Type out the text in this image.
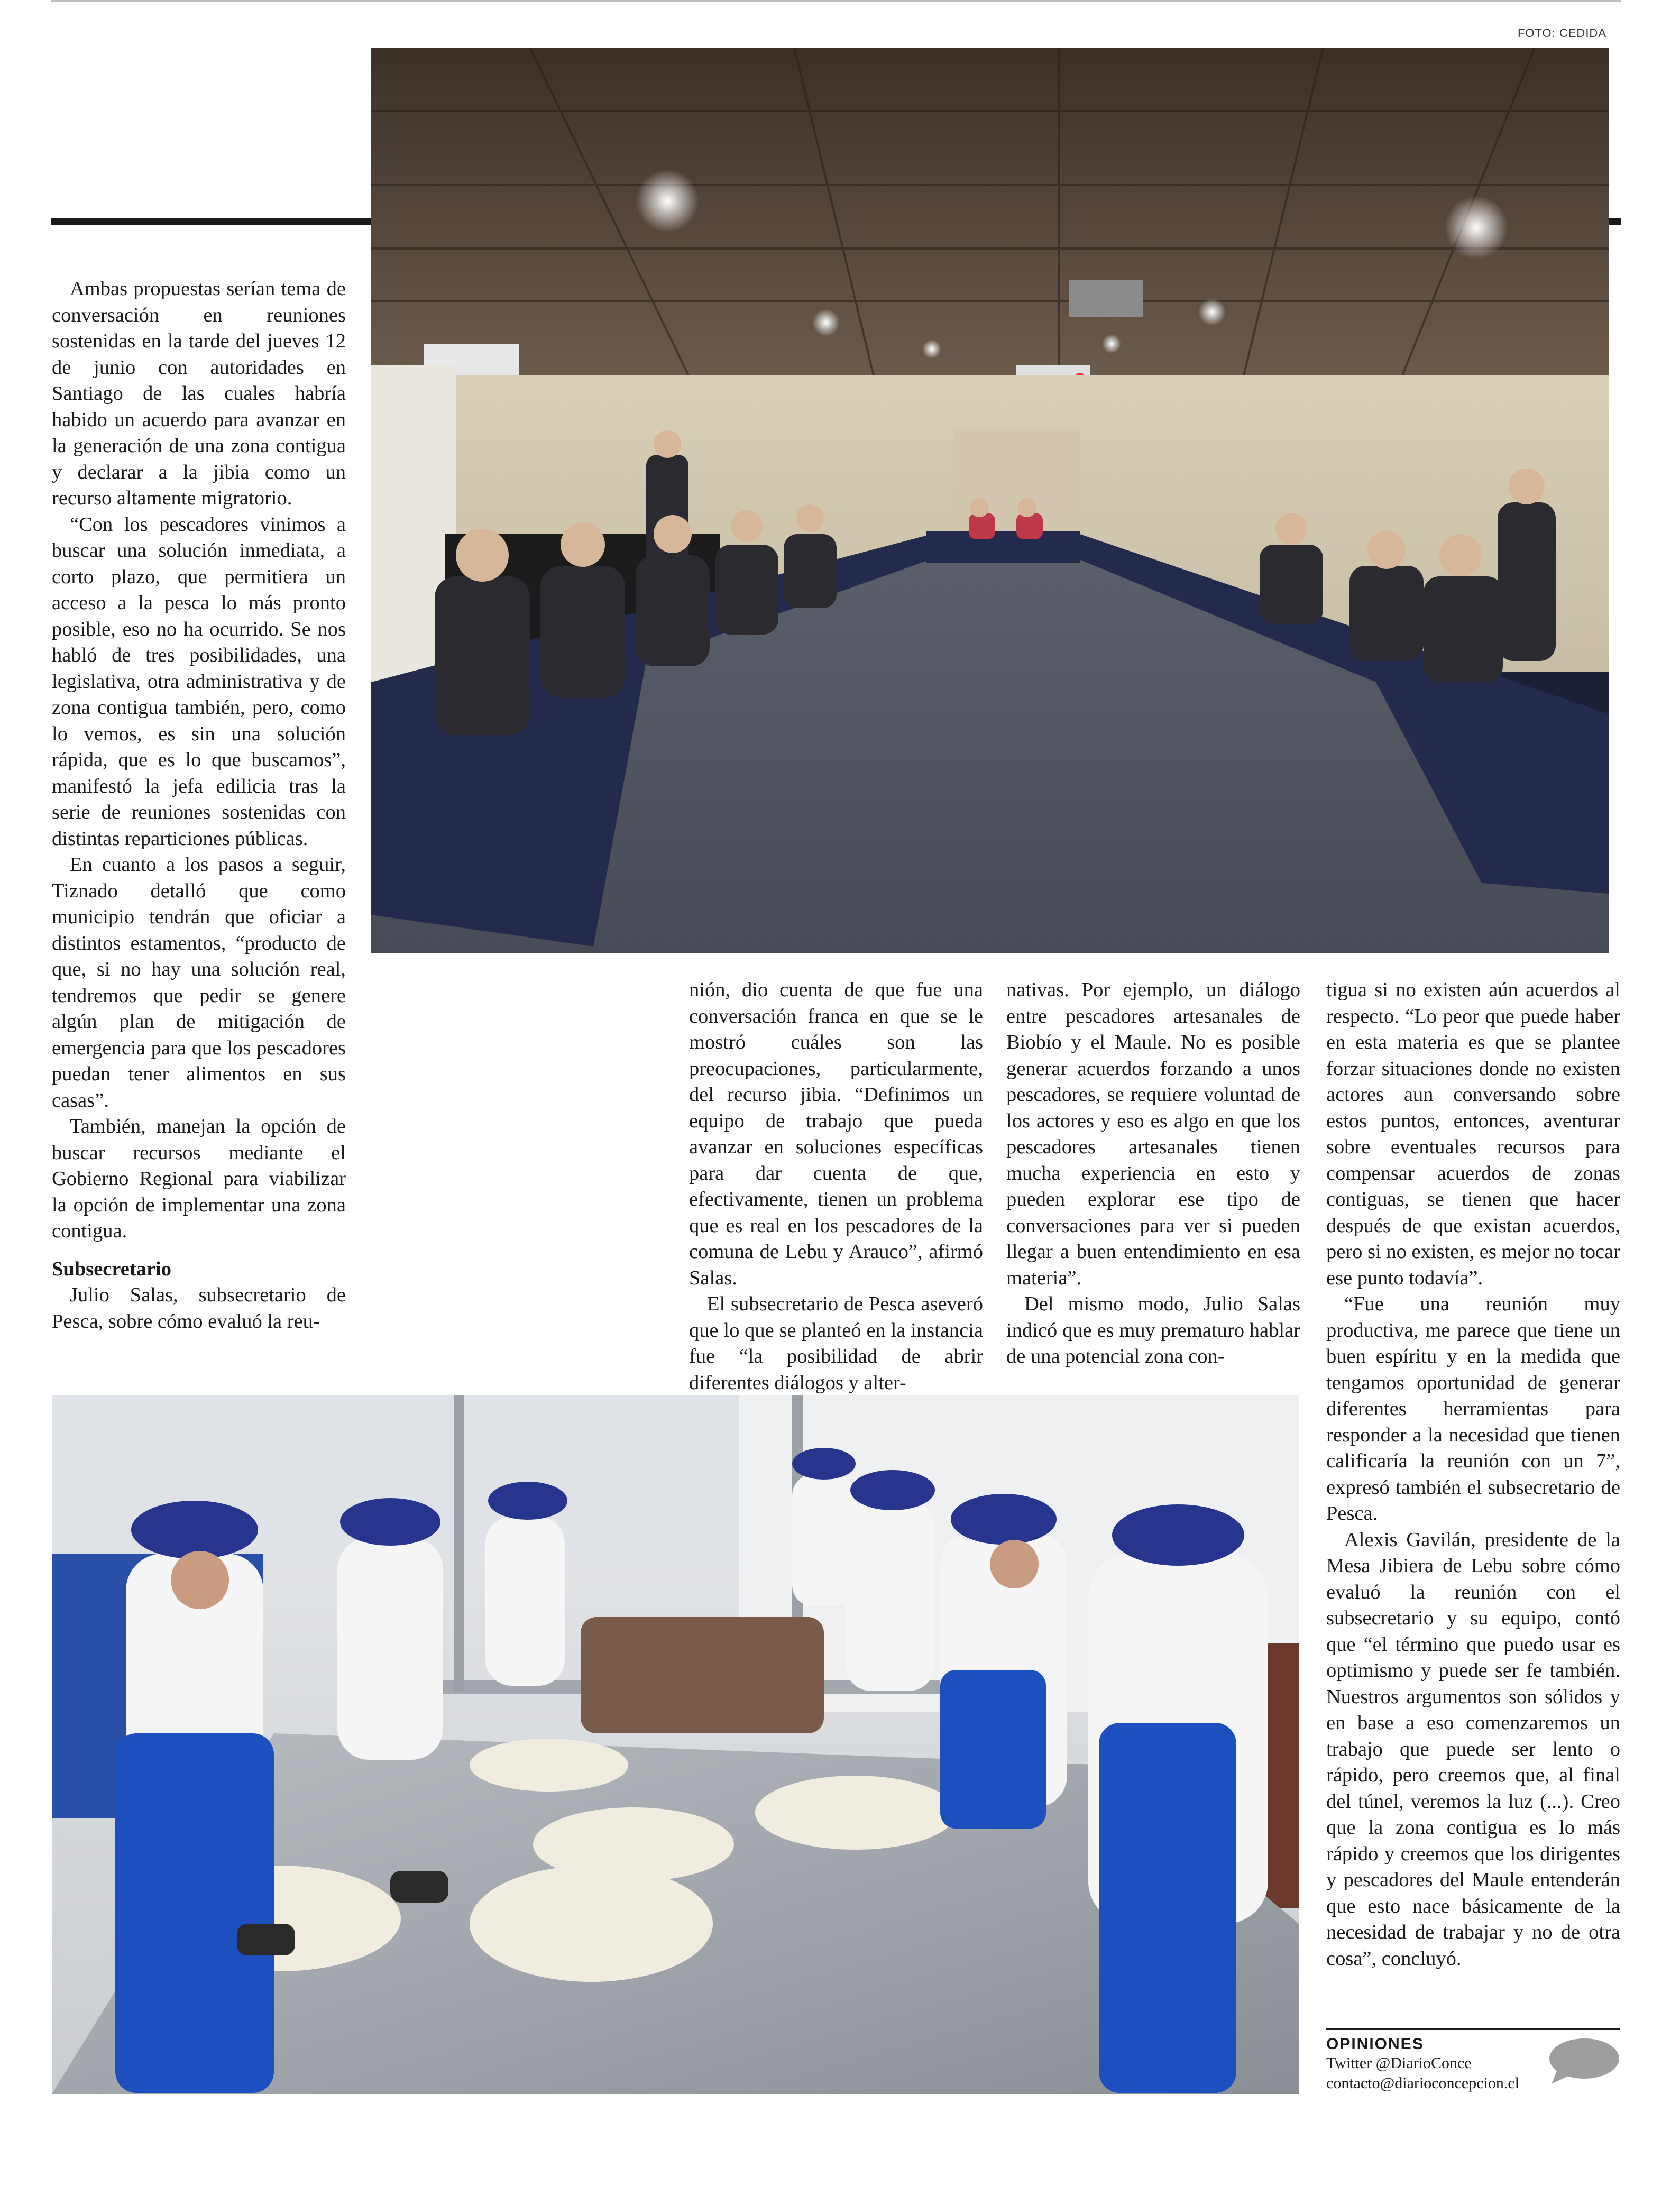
FOTO: CEDIDA

Ambas propuestas serían tema de conversación en reuniones sostenidas en la tarde del jueves 12 de junio con autoridades en Santiago de las cuales habría habido un acuerdo para avanzar en la generación de una zona contigua y declarar a la jibia como un recurso altamente migratorio.

“Con los pescadores vinimos a buscar una solución inmediata, a corto plazo, que permitiera un acceso a la pesca lo más pronto posible, eso no ha ocurrido. Se nos habló de tres posibilidades, una legislativa, otra administrativa y de zona contigua también, pero, como lo vemos, es sin una solución rápida, que es lo que buscamos”, manifestó la jefa edilicia tras la serie de reuniones sostenidas con distintas reparticiones públicas.

En cuanto a los pasos a seguir, Tiznado detalló que como municipio tendrán que oficiar a distintos estamentos, “producto de que, si no hay una solución real, tendremos que pedir se genere algún plan de mitigación de emergencia para que los pescadores puedan tener alimentos en sus casas”.

También, manejan la opción de buscar recursos mediante el Gobierno Regional para viabilizar la opción de implementar una zona contigua.

Subsecretario

Julio Salas, subsecretario de Pesca, sobre cómo evaluó la reu-

nión, dio cuenta de que fue una conversación franca en que se le mostró cuáles son las preocupaciones, particularmente, del recurso jibia. “Definimos un equipo de trabajo que pueda avanzar en soluciones específicas para dar cuenta de que, efectivamente, tienen un problema que es real en los pescadores de la comuna de Lebu y Arauco”, afirmó Salas.

El subsecretario de Pesca aseveró que lo que se planteó en la instancia fue “la posibilidad de abrir diferentes diálogos y alter-

nativas. Por ejemplo, un diálogo entre pescadores artesanales de Biobío y el Maule. No es posible generar acuerdos forzando a unos pescadores, se requiere voluntad de los actores y eso es algo en que los pescadores artesanales tienen mucha experiencia en esto y pueden explorar ese tipo de conversaciones para ver si pueden llegar a buen entendimiento en esa materia”.

Del mismo modo, Julio Salas indicó que es muy prematuro hablar de una potencial zona con-

tigua si no existen aún acuerdos al respecto. “Lo peor que puede haber en esta materia es que se plantee forzar situaciones donde no existen actores aun conversando sobre estos puntos, entonces, aventurar sobre eventuales recursos para compensar acuerdos de zonas contiguas, se tienen que hacer después de que existan acuerdos, pero si no existen, es mejor no tocar ese punto todavía”.

“Fue una reunión muy productiva, me parece que tiene un buen espíritu y en la medida que tengamos oportunidad de generar diferentes herramientas para responder a la necesidad que tienen calificaría la reunión con un 7”, expresó también el subsecretario de Pesca.

Alexis Gavilán, presidente de la Mesa Jibiera de Lebu sobre cómo evaluó la reunión con el subsecretario y su equipo, contó que “el término que puedo usar es optimismo y puede ser fe también. Nuestros argumentos son sólidos y en base a eso comenzaremos un trabajo que puede ser lento o rápido, pero creemos que, al final del túnel, veremos la luz (...). Creo que la zona contigua es lo más rápido y creemos que los dirigentes y pescadores del Maule entenderán que esto nace básicamente de la necesidad de trabajar y no de otra cosa”, concluyó.

OPINIONES
Twitter @DiarioConce
contacto@diarioconcepcion.cl
